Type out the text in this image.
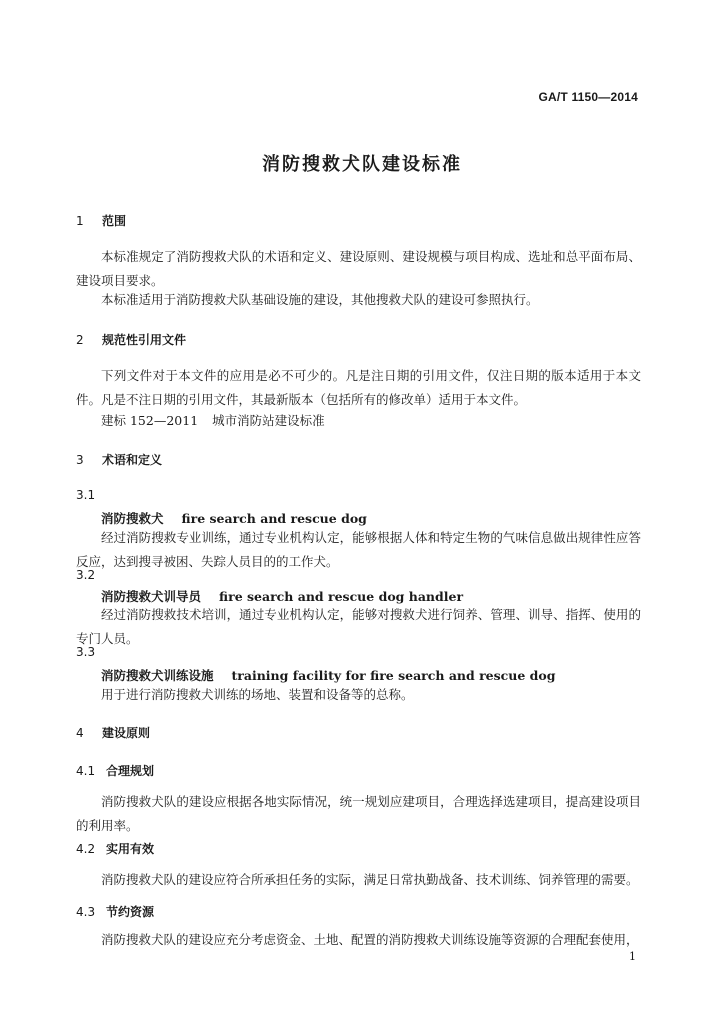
GA/T 1150—2014
消防搜救犬队建设标准
1 范围
本标准规定了消防搜救犬队的术语和定义、建设原则、建设规模与项目构成、选址和总平面布局、建设项目要求。
本标准适用于消防搜救犬队基础设施的建设，其他搜救犬队的建设可参照执行。
2 规范性引用文件
下列文件对于本文件的应用是必不可少的。凡是注日期的引用文件，仅注日期的版本适用于本文件。凡是不注日期的引用文件，其最新版本（包括所有的修改单）适用于本文件。
建标 152—2011 城市消防站建设标准
3 术语和定义
3.1
消防搜救犬 fire search and rescue dog
经过消防搜救专业训练，通过专业机构认定，能够根据人体和特定生物的气味信息做出规律性应答反应，达到搜寻被困、失踪人员目的的工作犬。
3.2
消防搜救犬训导员 fire search and rescue dog handler
经过消防搜救技术培训，通过专业机构认定，能够对搜救犬进行饲养、管理、训导、指挥、使用的专门人员。
3.3
消防搜救犬训练设施 training facility for fire search and rescue dog
用于进行消防搜救犬训练的场地、装置和设备等的总称。
4 建设原则
4.1 合理规划
消防搜救犬队的建设应根据各地实际情况，统一规划应建项目，合理选择选建项目，提高建设项目的利用率。
4.2 实用有效
消防搜救犬队的建设应符合所承担任务的实际，满足日常执勤战备、技术训练、饲养管理的需要。
4.3 节约资源
消防搜救犬队的建设应充分考虑资金、土地、配置的消防搜救犬训练设施等资源的合理配套使用，
1
